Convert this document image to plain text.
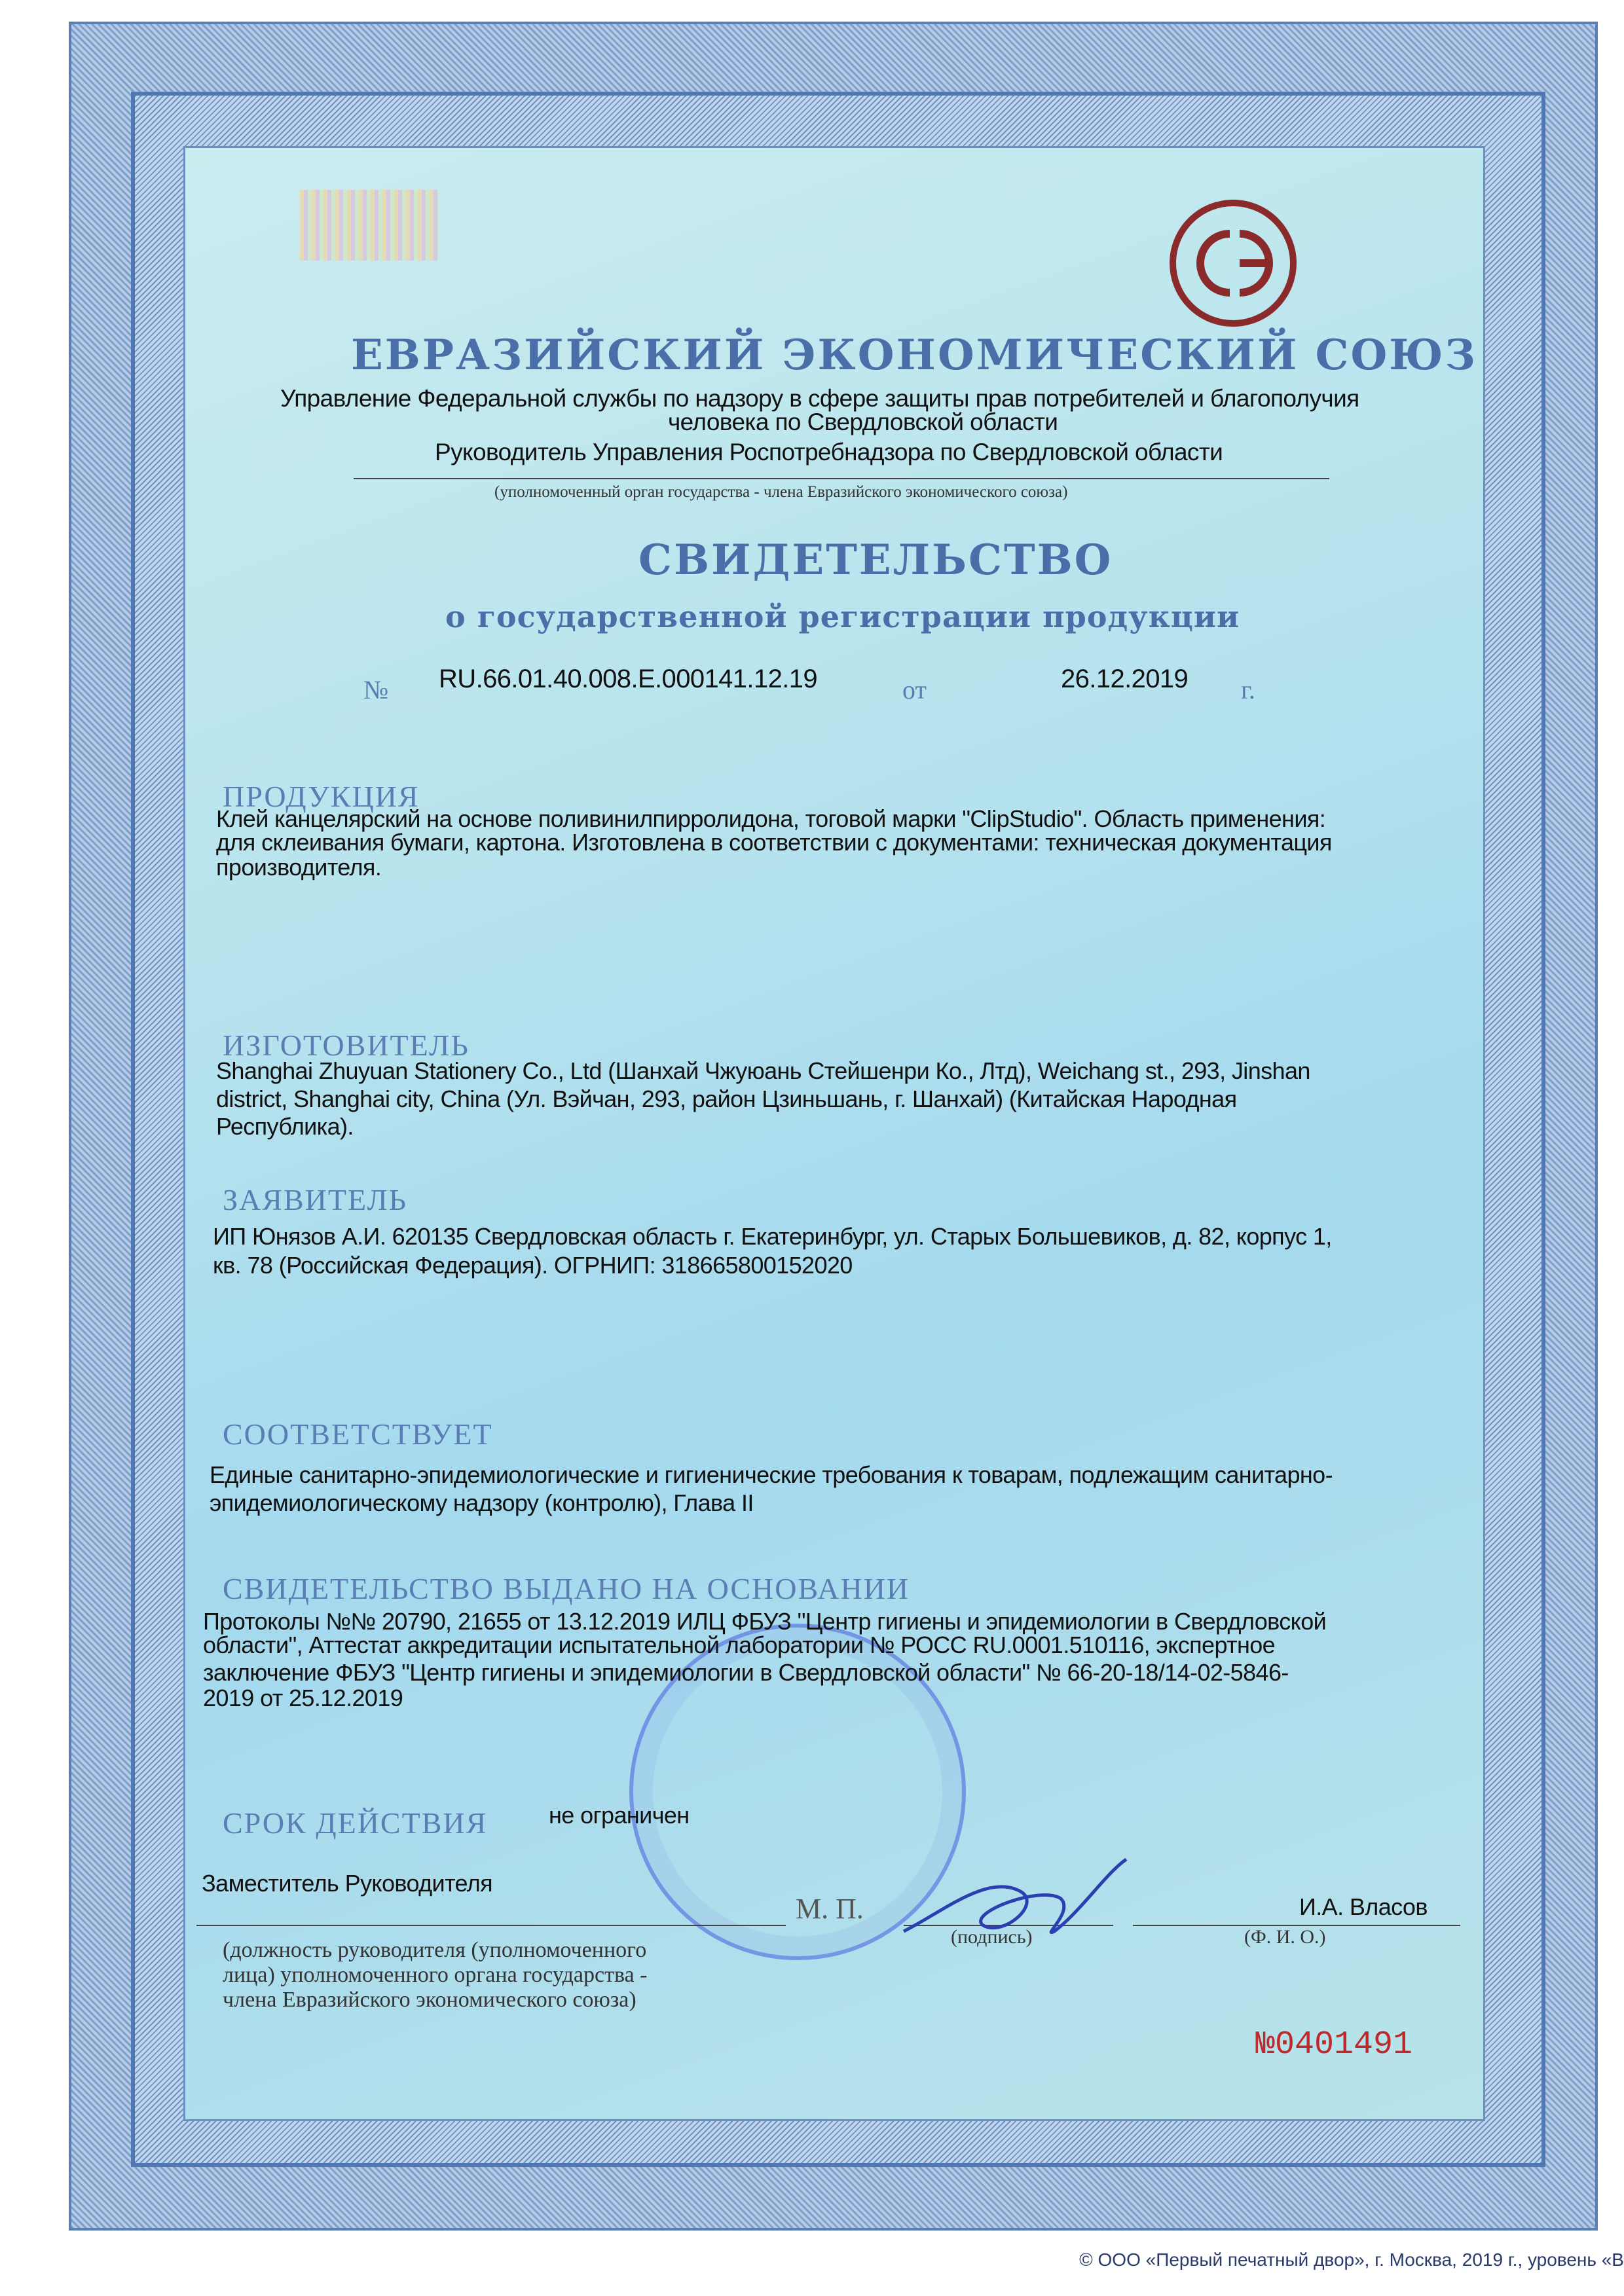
ЕВРАЗИЙСКИЙ ЭКОНОМИЧЕСКИЙ СОЮЗ
Управление Федеральной службы по надзору в сфере защиты прав потребителей и благополучия
человека по Свердловской области
Руководитель Управления Роспотребнадзора по Свердловской области
(уполномоченный орган государства - члена Евразийского экономического союза)
СВИДЕТЕЛЬСТВО
о государственной регистрации продукции
№ RU.66.01.40.008.E.000141.12.19	от	26.12.2019 г.
ПРОДУКЦИЯ
Клей канцелярский на основе поливинилпирролидона, тоговой марки "ClipStudio". Область применения:
для склеивания бумаги, картона. Изготовлена в соответствии с документами: техническая документация
производителя.
ИЗГОТОВИТЕЛЬ
Shanghai Zhuyuan Stationery Co., Ltd (Шанхай Чжуюань Стейшенри Ко., Лтд), Weichang st., 293, Jinshan
district, Shanghai city, China (Ул. Вэйчан, 293, район Цзиньшань, г. Шанхай) (Китайская Народная
Республика).
ЗАЯВИТЕЛЬ
ИП Юнязов А.И. 620135 Свердловская область г. Екатеринбург, ул. Старых Большевиков, д. 82, корпус 1,
кв. 78 (Российская Федерация). ОГРНИП: 318665800152020
СООТВЕТСТВУЕТ
Единые санитарно-эпидемиологические и гигиенические требования к товарам, подлежащим санитарно-
эпидемиологическому надзору (контролю), Глава II
СВИДЕТЕЛЬСТВО ВЫДАНО НА ОСНОВАНИИ
Протоколы №№ 20790, 21655 от 13.12.2019 ИЛЦ ФБУЗ "Центр гигиены и эпидемиологии в Свердловской
области", Аттестат аккредитации испытательной лаборатории № РОСС RU.0001.510116, экспертное
заключение ФБУЗ "Центр гигиены и эпидемиологии в Свердловской области" № 66-20-18/14-02-5846-
2019 от 25.12.2019
СРОК ДЕЙСТВИЯ	не ограничен
Заместитель Руководителя
М. П.	И.А. Власов
(должность руководителя (уполномоченного
лица) уполномоченного органа государства -
члена Евразийского экономического союза)
(подпись)	(Ф. И. О.)
№0401491
© ООО «Первый печатный двор», г. Москва, 2019 г., уровень «В
